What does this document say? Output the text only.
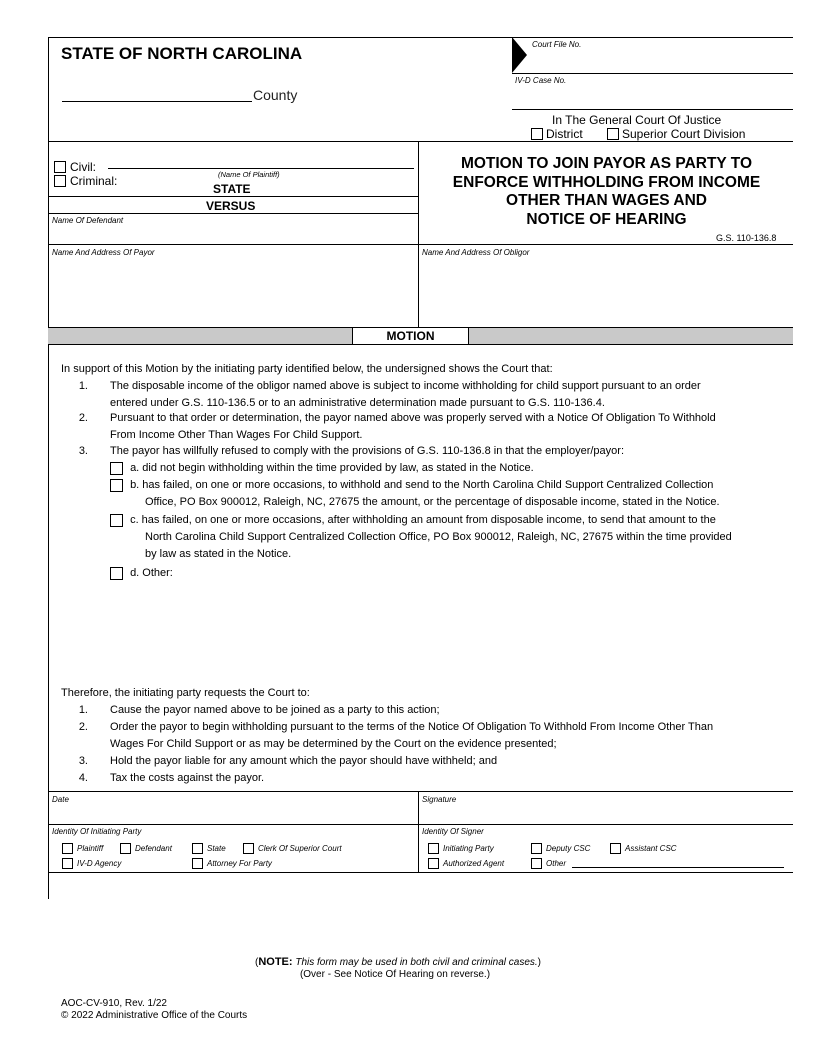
STATE OF NORTH CAROLINA
County
Court File No.
IV-D Case No.
In The General Court Of Justice
District	Superior Court Division
Civil:
Criminal:	(Name Of Plaintiff)
STATE
VERSUS
Name Of Defendant
MOTION TO JOIN PAYOR AS PARTY TO
ENFORCE WITHHOLDING FROM INCOME
OTHER THAN WAGES AND
NOTICE OF HEARING
G.S. 110-136.8
Name And Address Of Payor	Name And Address Of Obligor
MOTION
In support of this Motion by the initiating party identified below, the undersigned shows the Court that:
1. The disposable income of the obligor named above is subject to income withholding for child support pursuant to an order
entered under G.S. 110-136.5 or to an administrative determination made pursuant to G.S. 110-136.4.
2. Pursuant to that order or determination, the payor named above was properly served with a Notice Of Obligation To Withhold
From Income Other Than Wages For Child Support.
3. The payor has willfully refused to comply with the provisions of G.S. 110-136.8 in that the employer/payor:
a. did not begin withholding within the time provided by law, as stated in the Notice.
b. has failed, on one or more occasions, to withhold and send to the North Carolina Child Support Centralized Collection
Office, PO Box 900012, Raleigh, NC, 27675 the amount, or the percentage of disposable income, stated in the Notice.
c. has failed, on one or more occasions, after withholding an amount from disposable income, to send that amount to the
North Carolina Child Support Centralized Collection Office, PO Box 900012, Raleigh, NC, 27675 within the time provided
by law as stated in the Notice.
d. Other:
Therefore, the initiating party requests the Court to:
1. Cause the payor named above to be joined as a party to this action;
2. Order the payor to begin withholding pursuant to the terms of the Notice Of Obligation To Withhold From Income Other Than
Wages For Child Support or as may be determined by the Court on the evidence presented;
3. Hold the payor liable for any amount which the payor should have withheld; and
4. Tax the costs against the payor.
Date	Signature
Identity Of Initiating Party	Identity Of Signer
Plaintiff	Defendant	State	Clerk Of Superior Court
IV-D Agency	Attorney For Party
Initiating Party	Deputy CSC	Assistant CSC
Authorized Agent	Other
(NOTE: This form may be used in both civil and criminal cases.)
(Over - See Notice Of Hearing on reverse.)
AOC-CV-910, Rev. 1/22
© 2022 Administrative Office of the Courts
